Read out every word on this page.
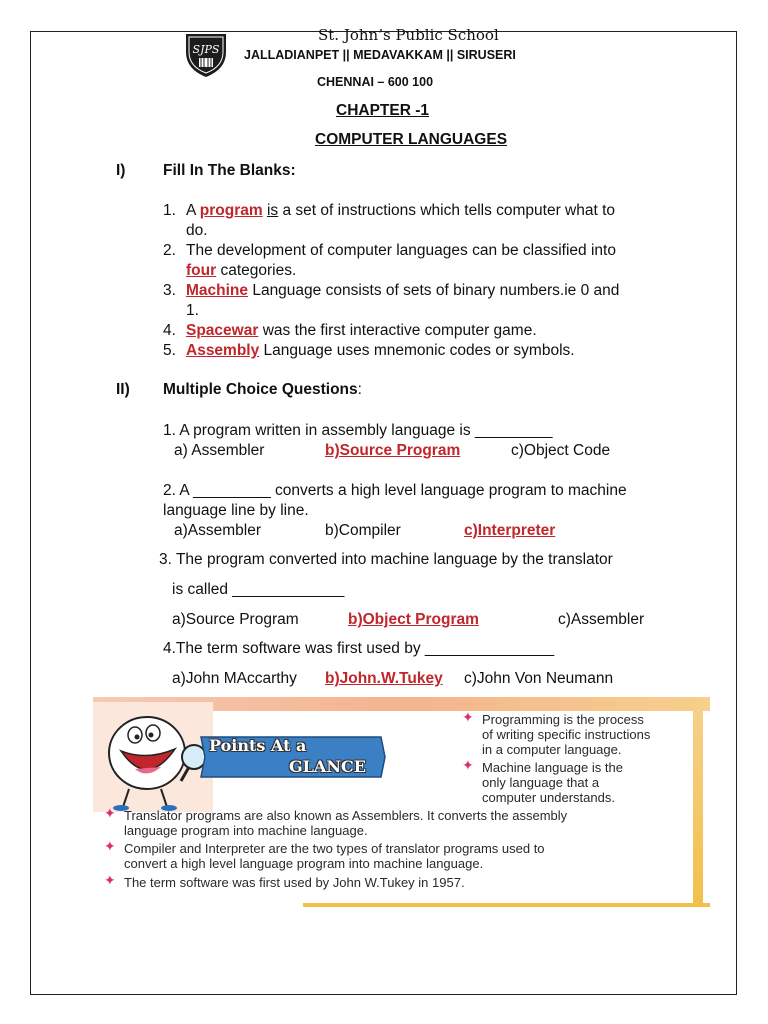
St. John’s Public School
SJPS JALLADIANPET || MEDAVAKKAM || SIRUSERI
CHENNAI – 600 100
CHAPTER -1
COMPUTER LANGUAGES
I) Fill In The Blanks:
1. A program is a set of instructions which tells computer what to
do.
2. The development of computer languages can be classified into
four categories.
3. Machine Language consists of sets of binary numbers.ie 0 and
1.
4. Spacewar was the first interactive computer game.
5. Assembly Language uses mnemonic codes or symbols.
II) Multiple Choice Questions:
1. A program written in assembly language is _________
a) Assembler	b)Source Program	c)Object Code
2. A _________ converts a high level language program to machine
language line by line.
a)Assembler	b)Compiler	c)Interpreter
3. The program converted into machine language by the translator
is called _____________
a)Source Program	b)Object Program	c)Assembler
4.The term software was first used by _______________
a)John MAccarthy b)John.W.Tukey c)John Von Neumann
Points At a
GLANCE
✦ Programming is the process
of writing specific instructions
in a computer language.
✦ Machine language is the
only language that a
computer understands.
✦ Translator programs are also known as Assemblers. It converts the assembly
language program into machine language.
✦ Compiler and Interpreter are the two types of translator programs used to
convert a high level language program into machine language.
✦ The term software was first used by John W.Tukey in 1957.
